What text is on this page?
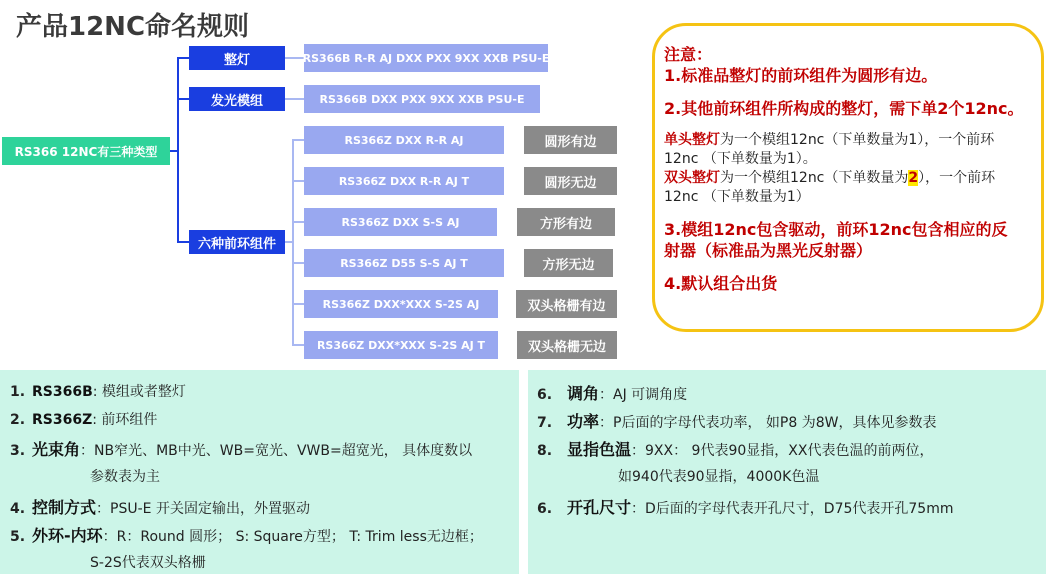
产品12NC命名规则
RS366 12NC有三种类型
整灯
发光模组
六种前环组件
RS366B R-R AJ DXX PXX 9XX XXB PSU-E
RS366B DXX PXX 9XX XXB PSU-E
RS366Z DXX R-R AJ	圆形有边
RS366Z DXX R-R AJ T	圆形无边
RS366Z DXX S-S AJ	方形有边
RS366Z D55 S-S AJ T	方形无边
RS366Z DXX*XXX S-2S AJ	双头格栅有边
RS366Z DXX*XXX S-2S AJ T	双头格栅无边
注意：
1.标准品整灯的前环组件为圆形有边。
2.其他前环组件所构成的整灯，需下单2个12nc。
单头整灯为一个模组12nc（下单数量为1），一个前环
12nc （下单数量为1）。
双头整灯为一个模组12nc（下单数量为2），一个前环
12nc （下单数量为1）
3.模组12nc包含驱动，前环12nc包含相应的反
射器（标准品为黑光反射器）
4.默认组合出货
1. RS366B: 模组或者整灯
2. RS366Z: 前环组件
3. 光束角：NB窄光、MB中光、WB=宽光、VWB=超宽光， 具体度数以
参数表为主
4. 控制方式：PSU-E 开关固定输出，外置驱动
5. 外环-内环：R：Round 圆形； S: Square方型； T: Trim less无边框；
S-2S代表双头格栅
6. 调角：AJ 可调角度
7. 功率：P后面的字母代表功率， 如P8 为8W，具体见参数表
8. 显指色温：9XX： 9代表90显指，XX代表色温的前两位，
如940代表90显指，4000K色温
6. 开孔尺寸：D后面的字母代表开孔尺寸，D75代表开孔75mm
